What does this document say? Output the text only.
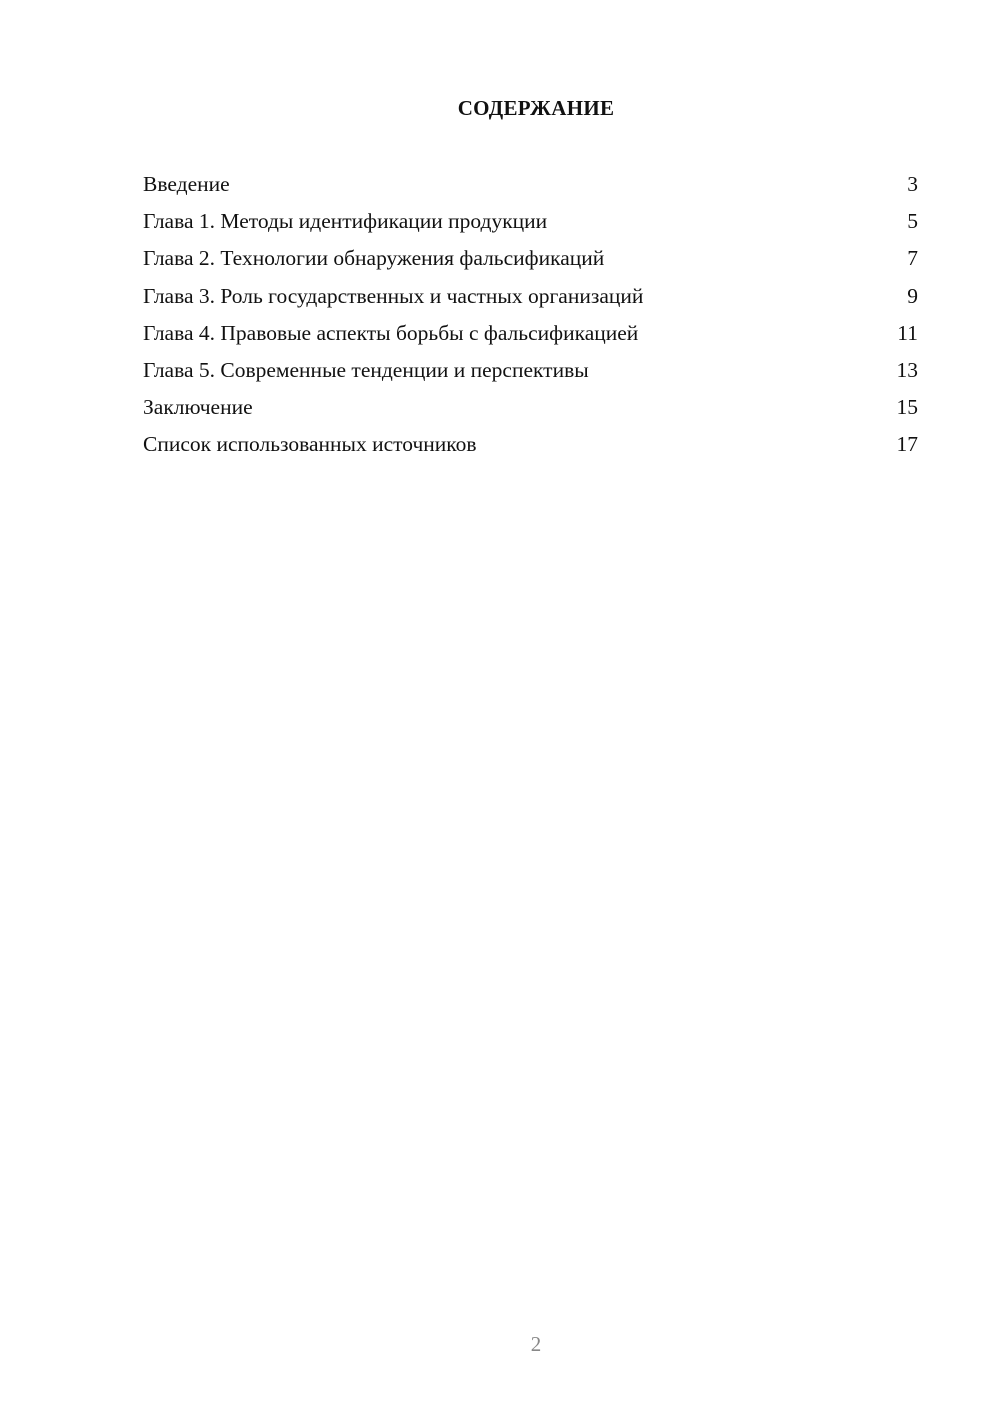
СОДЕРЖАНИЕ
Введение	3
Глава 1. Методы идентификации продукции	5
Глава 2. Технологии обнаружения фальсификаций	7
Глава 3. Роль государственных и частных организаций	9
Глава 4. Правовые аспекты борьбы с фальсификацией	11
Глава 5. Современные тенденции и перспективы	13
Заключение	15
Список использованных источников	17
2
